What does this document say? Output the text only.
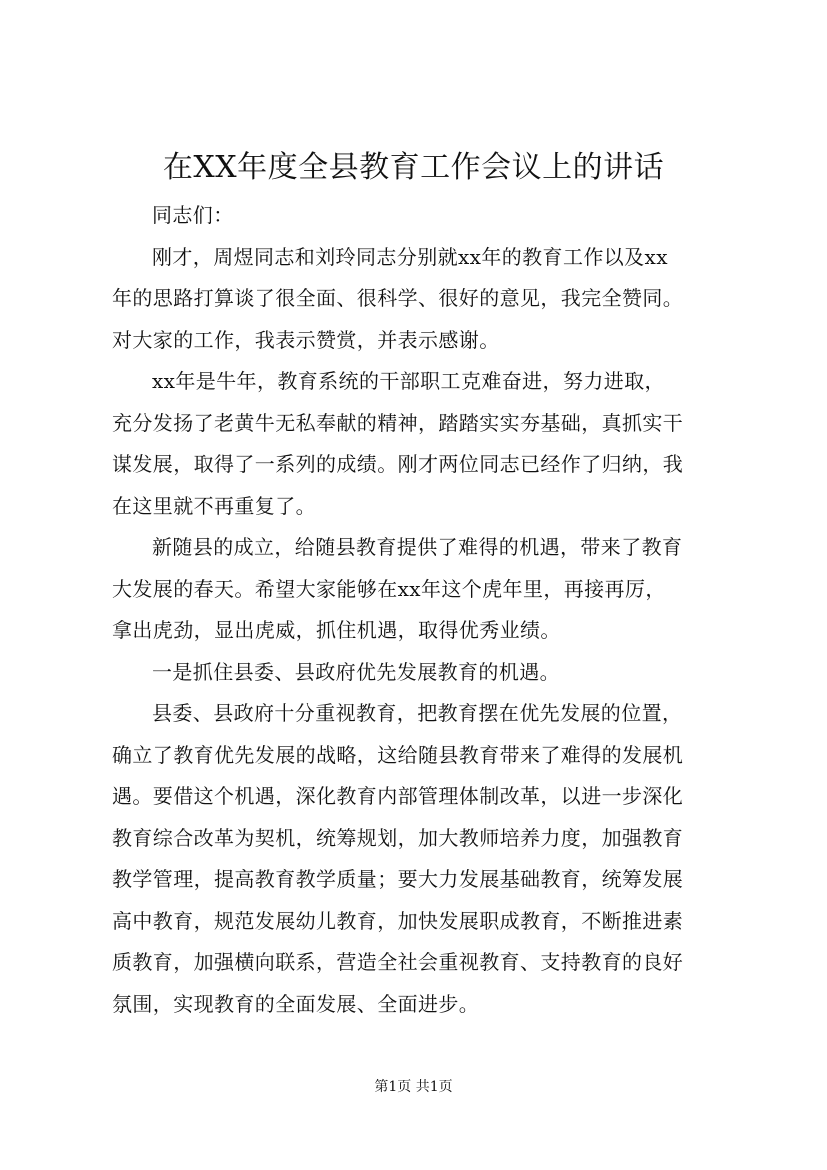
在XX年度全县教育工作会议上的讲话
同志们：
刚才，周煜同志和刘玲同志分别就xx年的教育工作以及xx
年的思路打算谈了很全面、很科学、很好的意见，我完全赞同。
对大家的工作，我表示赞赏，并表示感谢。
xx年是牛年，教育系统的干部职工克难奋进，努力进取，
充分发扬了老黄牛无私奉献的精神，踏踏实实夯基础，真抓实干
谋发展，取得了一系列的成绩。刚才两位同志已经作了归纳，我
在这里就不再重复了。
新随县的成立，给随县教育提供了难得的机遇，带来了教育
大发展的春天。希望大家能够在xx年这个虎年里，再接再厉，
拿出虎劲，显出虎威，抓住机遇，取得优秀业绩。
一是抓住县委、县政府优先发展教育的机遇。
县委、县政府十分重视教育，把教育摆在优先发展的位置，
确立了教育优先发展的战略，这给随县教育带来了难得的发展机
遇。要借这个机遇，深化教育内部管理体制改革，以进一步深化
教育综合改革为契机，统筹规划，加大教师培养力度，加强教育
教学管理，提高教育教学质量；要大力发展基础教育，统筹发展
高中教育，规范发展幼儿教育，加快发展职成教育，不断推进素
质教育，加强横向联系，营造全社会重视教育、支持教育的良好
氛围，实现教育的全面发展、全面进步。
第1页 共1页
